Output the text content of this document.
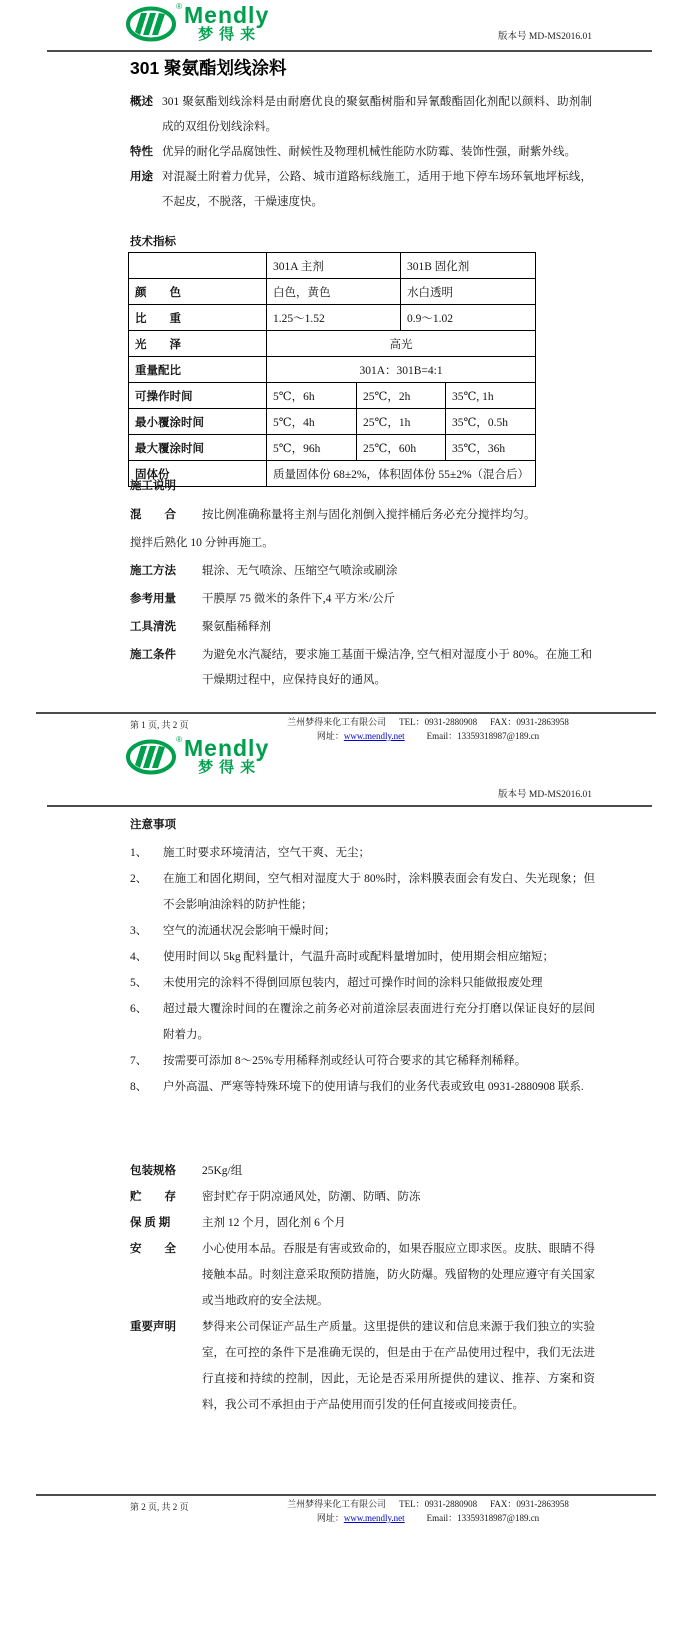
® Mendly
梦得来	版本号 MD-MS2016.01
301 聚氨酯划线涂料
概述 301 聚氨酯划线涂料是由耐磨优良的聚氨酯树脂和异氰酸酯固化剂配以颜料、助剂制成的双组份划线涂料。
特性 优异的耐化学品腐蚀性、耐候性及物理机械性能防水防霉、装饰性强，耐紫外线。
用途 对混凝土附着力优异，公路、城市道路标线施工，适用于地下停车场环氧地坪标线，不起皮，不脱落，干燥速度快。
技术指标
	301A 主剂		301B 固化剂	
颜　　色	白色，黄色		水白透明	
比　　重	1.25～1.52		0.9～1.02	
光　　泽	高光			
重量配比	301A：301B=4:1			
可操作时间	5℃，6h	25℃，2h		35℃, 1h
最小覆涂时间	5℃，4h	25℃，1h		35℃，0.5h
最大覆涂时间	5℃，96h	25℃，60h		35℃，36h
固体份	质量固体份 68±2%，体积固体份 55±2%（混合后）			
施工说明
混　　合	按比例准确称量将主剂与固化剂倒入搅拌桶后务必充分搅拌均匀。
搅拌后熟化 10 分钟再施工。
施工方法	辊涂、无气喷涂、压缩空气喷涂或刷涂
参考用量	干膜厚 75 微米的条件下,4 平方米/公斤
工具清洗	聚氨酯稀释剂
施工条件	为避免水汽凝结，要求施工基面干燥洁净, 空气相对湿度小于 80%。在施工和干燥期过程中，应保持良好的通风。
第 1 页, 共 2 页	兰州梦得来化工有限公司 TEL：0931-2880908 FAX：0931-2863958
网址：www.mendly.net Email：13359318987@189.cn
® Mendly
梦得来
版本号 MD-MS2016.01
注意事项
1、	施工时要求环境清洁，空气干爽、无尘；
2、	在施工和固化期间，空气相对湿度大于 80%时，涂料膜表面会有发白、失光现象；但不会影响油涂料的防护性能；
3、	空气的流通状况会影响干燥时间；
4、	使用时间以 5kg 配料量计，气温升高时或配料量增加时，使用期会相应缩短；
5、	未使用完的涂料不得倒回原包装内，超过可操作时间的涂料只能做报废处理
6、	超过最大覆涂时间的在覆涂之前务必对前道涂层表面进行充分打磨以保证良好的层间附着力。
7、	按需要可添加 8～25%专用稀释剂或经认可符合要求的其它稀释剂稀释。
8、	户外高温、严寒等特殊环境下的使用请与我们的业务代表或致电 0931-2880908 联系.
包装规格	25Kg/组
贮　　存	密封贮存于阴凉通风处，防潮、防晒、防冻
保 质 期	主剂 12 个月，固化剂 6 个月
安　　全	小心使用本品。吞服是有害或致命的，如果吞服应立即求医。皮肤、眼睛不得接触本品。时刻注意采取预防措施，防火防爆。残留物的处理应遵守有关国家或当地政府的安全法规。
重要声明	梦得来公司保证产品生产质量。这里提供的建议和信息来源于我们独立的实验室，在可控的条件下是准确无误的，但是由于在产品使用过程中，我们无法进行直接和持续的控制，因此，无论是否采用所提供的建议、推荐、方案和资料，我公司不承担由于产品使用而引发的任何直接或间接责任。
第 2 页, 共 2 页	兰州梦得来化工有限公司 TEL：0931-2880908 FAX：0931-2863958
网址：www.mendly.net Email：13359318987@189.cn
